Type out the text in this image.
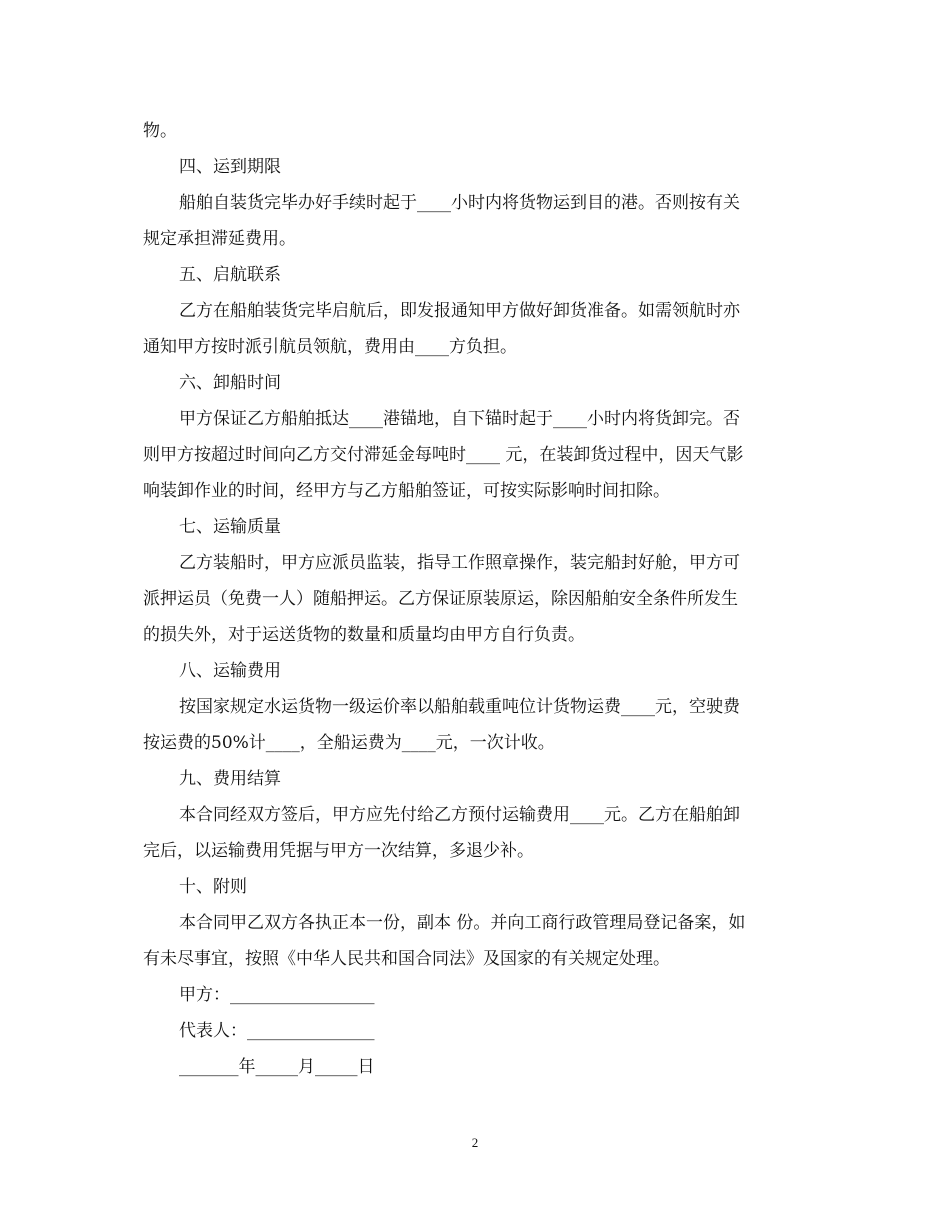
物。

四、运到期限

船舶自装货完毕办好手续时起于____小时内将货物运到目的港。否则按有关

规定承担滞延费用。

五、启航联系

乙方在船舶装货完毕启航后，即发报通知甲方做好卸货准备。如需领航时亦

通知甲方按时派引航员领航，费用由____方负担。

六、卸船时间

甲方保证乙方船舶抵达____港锚地，自下锚时起于____小时内将货卸完。否

则甲方按超过时间向乙方交付滞延金每吨时____ 元，在装卸货过程中，因天气影

响装卸作业的时间，经甲方与乙方船舶签证，可按实际影响时间扣除。

七、运输质量

乙方装船时，甲方应派员监装，指导工作照章操作，装完船封好舱，甲方可

派押运员（免费一人）随船押运。乙方保证原装原运，除因船舶安全条件所发生

的损失外，对于运送货物的数量和质量均由甲方自行负责。

八、运输费用

按国家规定水运货物一级运价率以船舶载重吨位计货物运费____元，空驶费

按运费的50%计____，全船运费为____元，一次计收。

九、费用结算

本合同经双方签后，甲方应先付给乙方预付运输费用____元。乙方在船舶卸

完后，以运输费用凭据与甲方一次结算，多退少补。

十、附则

本合同甲乙双方各执正本一份，副本 份。并向工商行政管理局登记备案，如

有未尽事宜，按照《中华人民共和国合同法》及国家的有关规定处理。

甲方：_________________

代表人：_______________

_______年_____月_____日

2
